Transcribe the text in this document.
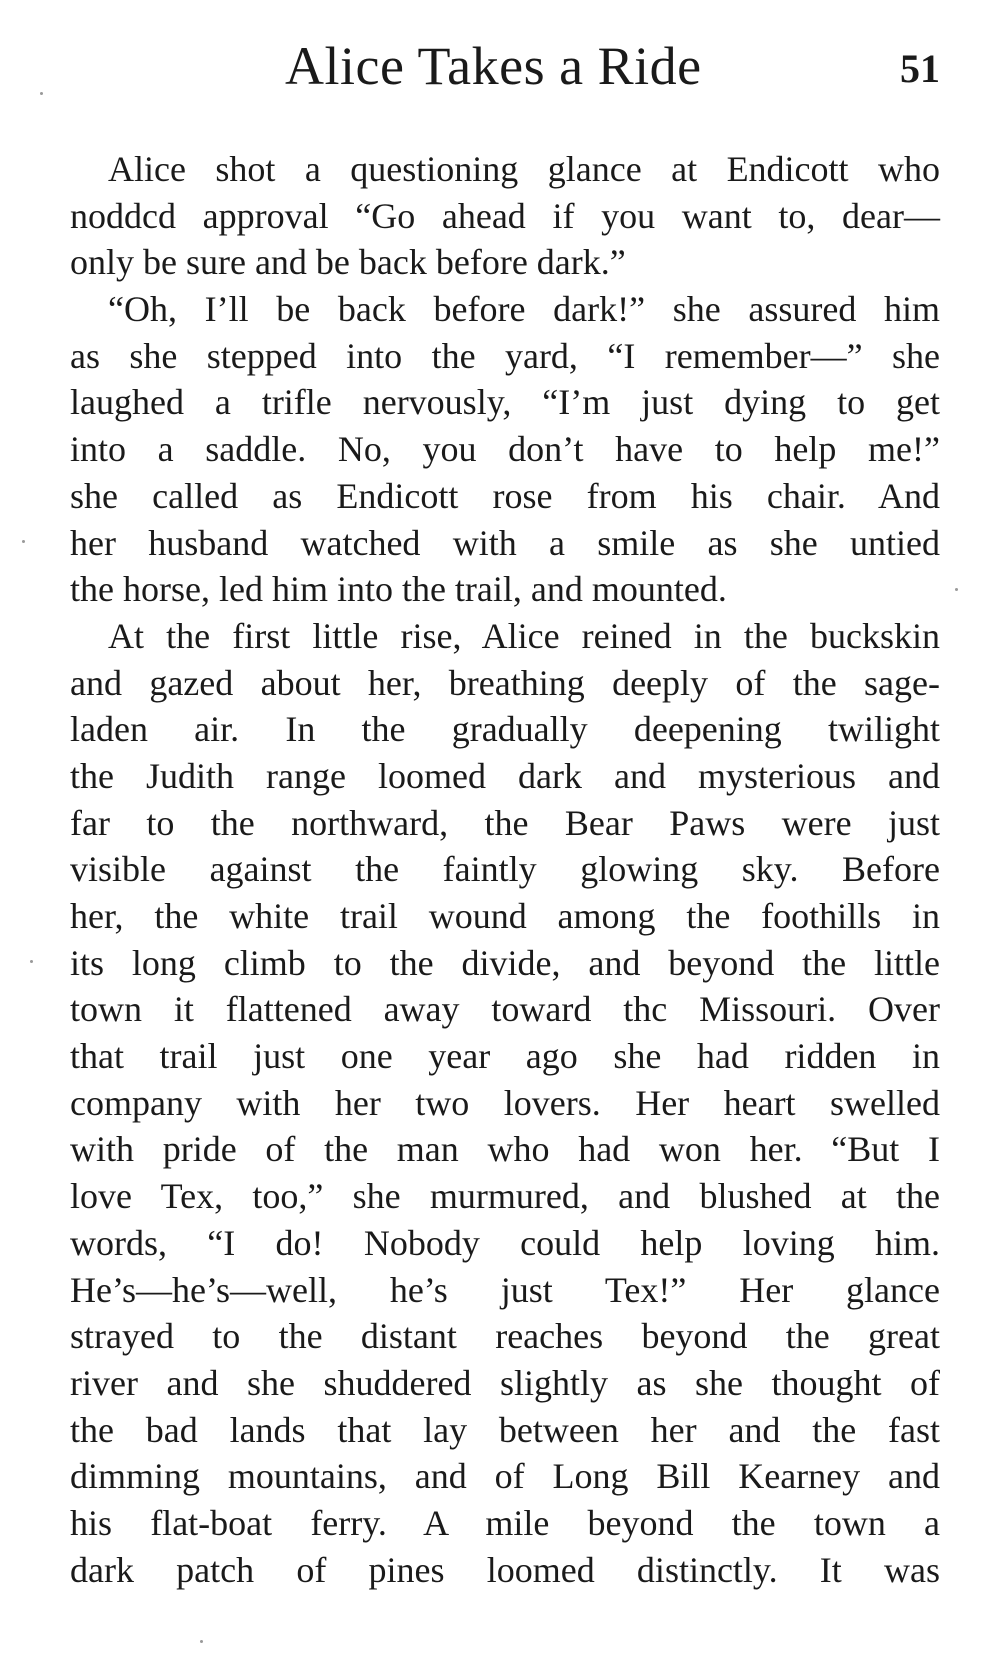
Alice Takes a Ride	51
Alice shot a questioning glance at Endicott who
noddcd approval “Go ahead if you want to, dear—
only be sure and be back before dark.”
“Oh, I’ll be back before dark!” she assured him
as she stepped into the yard, “I remember—” she
laughed a trifle nervously, “I’m just dying to get
into a saddle. No, you don’t have to help me!”
she called as Endicott rose from his chair. And
her husband watched with a smile as she untied
the horse, led him into the trail, and mounted.
At the first little rise, Alice reined in the buckskin
and gazed about her, breathing deeply of the sage-
laden air. In the gradually deepening twilight
the Judith range loomed dark and mysterious and
far to the northward, the Bear Paws were just
visible against the faintly glowing sky. Before
her, the white trail wound among the foothills in
its long climb to the divide, and beyond the little
town it flattened away toward thc Missouri. Over
that trail just one year ago she had ridden in
company with her two lovers. Her heart swelled
with pride of the man who had won her. “But I
love Tex, too,” she murmured, and blushed at the
words, “I do! Nobody could help loving him.
He’s—he’s—well, he’s just Tex!” Her glance
strayed to the distant reaches beyond the great
river and she shuddered slightly as she thought of
the bad lands that lay between her and the fast
dimming mountains, and of Long Bill Kearney and
his flat-boat ferry. A mile beyond the town a
dark patch of pines loomed distinctly. It was
